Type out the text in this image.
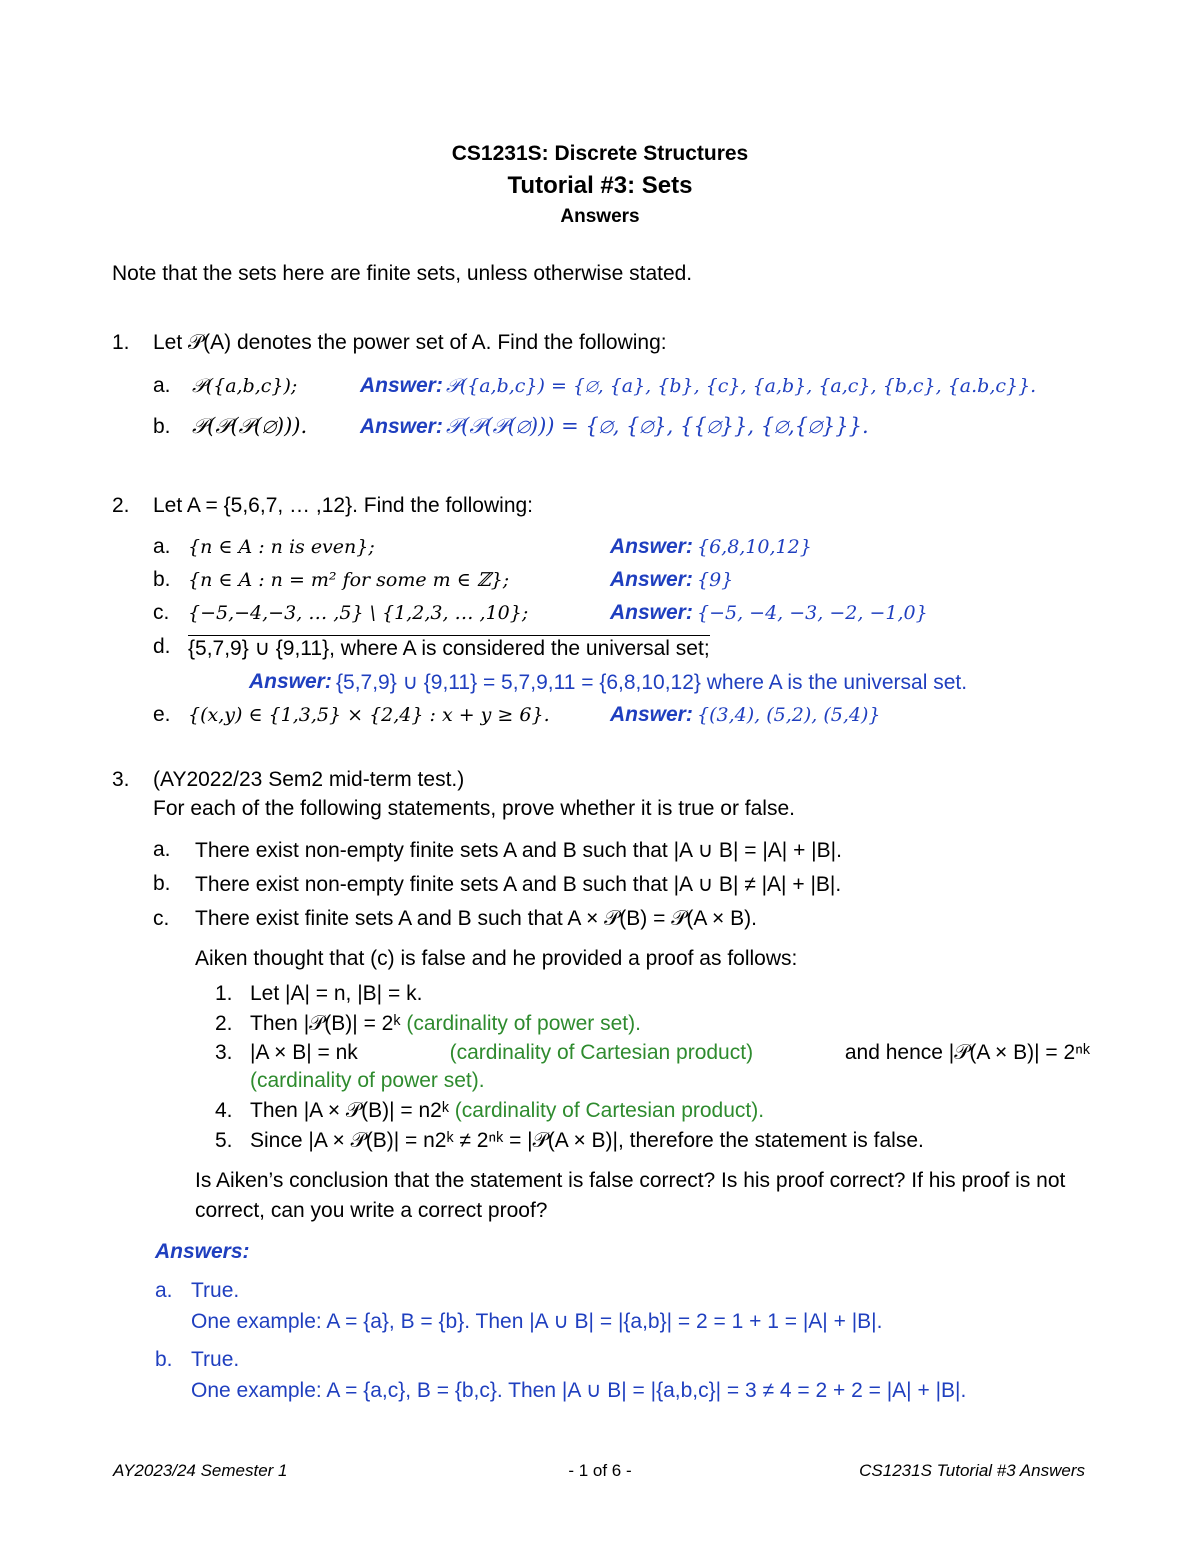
CS1231S: Discrete Structures
Tutorial #3: Sets
Answers
Note that the sets here are finite sets, unless otherwise stated.
1. Let 𝒫(A) denotes the power set of A. Find the following:
a. 𝒫({a,b,c});	Answer: 𝒫({a,b,c}) = {∅, {a}, {b}, {c}, {a,b}, {a,c}, {b,c}, {a.b,c}}.
b. 𝒫(𝒫(𝒫(∅))).	Answer: 𝒫(𝒫(𝒫(∅))) = {∅, {∅}, {{∅}}, {∅,{∅}}}.
2. Let A = {5,6,7, … ,12}. Find the following:
a. {n ∈ A : n is even};	Answer: {6,8,10,12}
b. {n ∈ A : n = m² for some m ∈ ℤ};	Answer: {9}
c. {−5,−4,−3, … ,5} \ {1,2,3, … ,10};	Answer: {−5, −4, −3, −2, −1,0}
d. {5,7,9} ∪ {9,11}, where A is considered the universal set;
Answer: {5,7,9} ∪ {9,11} = 5,7,9,11 = {6,8,10,12} where A is the universal set.
e. {(x,y) ∈ {1,3,5} × {2,4} : x + y ≥ 6}.	Answer: {(3,4), (5,2), (5,4)}
3. (AY2022/23 Sem2 mid-term test.)
For each of the following statements, prove whether it is true or false.
a. There exist non-empty finite sets A and B such that |A ∪ B| = |A| + |B|.
b. There exist non-empty finite sets A and B such that |A ∪ B| ≠ |A| + |B|.
c. There exist finite sets A and B such that A × 𝒫(B) = 𝒫(A × B).
Aiken thought that (c) is false and he provided a proof as follows:
1. Let |A| = n, |B| = k.
2. Then |𝒫(B)| = 2ᵏ (cardinality of power set).
3. |A × B| = nk	(cardinality of Cartesian product)	and hence |𝒫(A × B)| = 2ⁿᵏ
(cardinality of power set).
4. Then |A × 𝒫(B)| = n2ᵏ (cardinality of Cartesian product).
5. Since |A × 𝒫(B)| = n2ᵏ ≠ 2ⁿᵏ = |𝒫(A × B)|, therefore the statement is false.
Is Aiken’s conclusion that the statement is false correct? Is his proof correct? If his proof is not
correct, can you write a correct proof?
Answers:
a. True.
One example: A = {a}, B = {b}. Then |A ∪ B| = |{a,b}| = 2 = 1 + 1 = |A| + |B|.
b. True.
One example: A = {a,c}, B = {b,c}. Then |A ∪ B| = |{a,b,c}| = 3 ≠ 4 = 2 + 2 = |A| + |B|.
AY2023/24 Semester 1	- 1 of 6 -	CS1231S Tutorial #3 Answers
